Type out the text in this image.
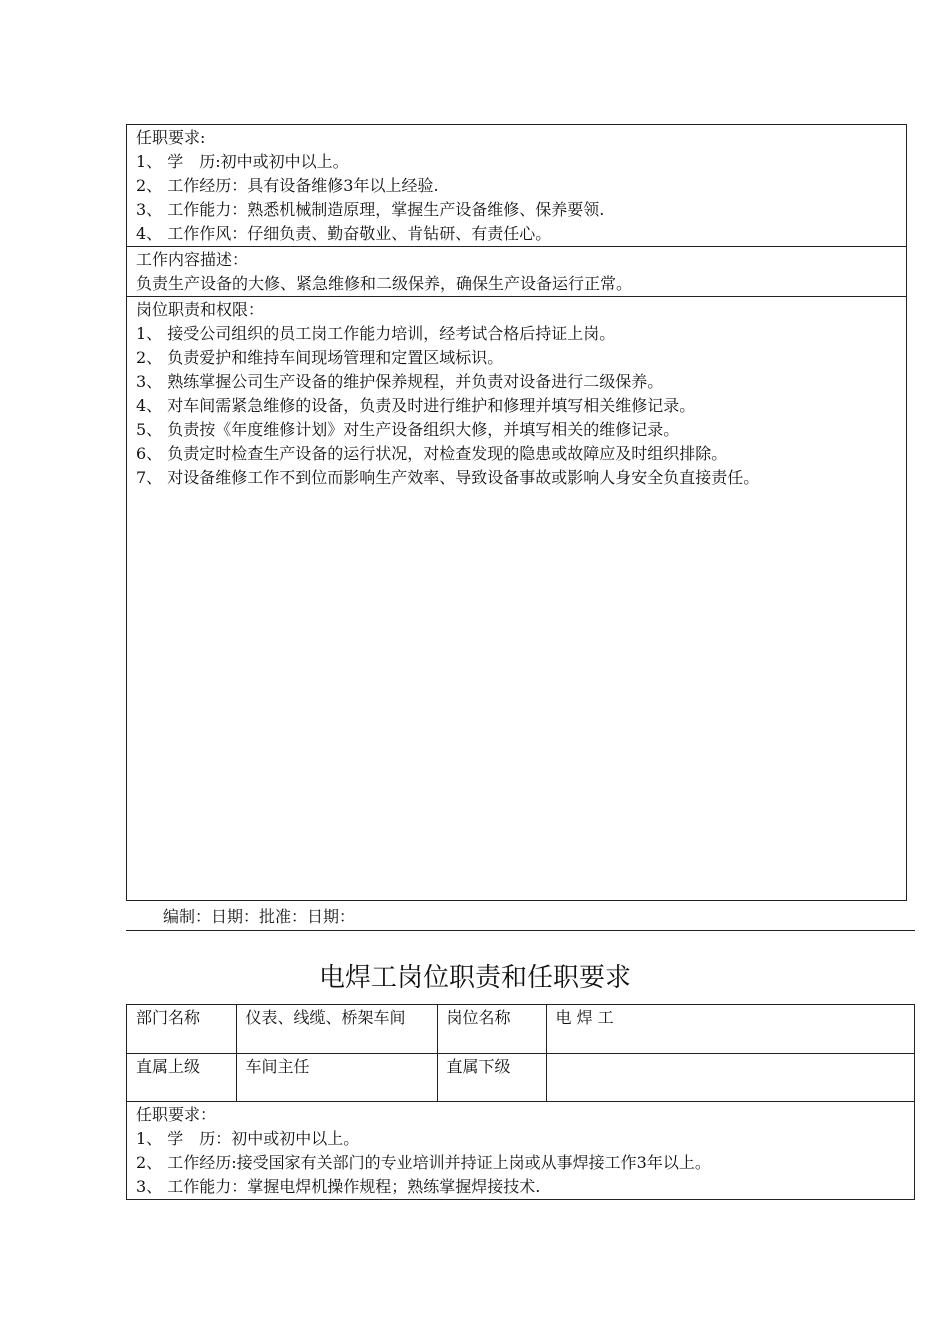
任职要求:
1、 学　历:初中或初中以上。
2、 工作经历：具有设备维修3年以上经验.
3、 工作能力：熟悉机械制造原理，掌握生产设备维修、保养要领.
4、 工作作风：仔细负责、勤奋敬业、肯钻研、有责任心。
工作内容描述：
负责生产设备的大修、紧急维修和二级保养，确保生产设备运行正常。
岗位职责和权限：
1、 接受公司组织的员工岗工作能力培训，经考试合格后持证上岗。
2、 负责爱护和维持车间现场管理和定置区域标识。
3、 熟练掌握公司生产设备的维护保养规程，并负责对设备进行二级保养。
4、 对车间需紧急维修的设备，负责及时进行维护和修理并填写相关维修记录。
5、 负责按《年度维修计划》对生产设备组织大修，并填写相关的维修记录。
6、 负责定时检查生产设备的运行状况，对检查发现的隐患或故障应及时组织排除。
7、 对设备维修工作不到位而影响生产效率、导致设备事故或影响人身安全负直接责任。
编制：日期：批准：日期：
电焊工岗位职责和任职要求
部门名称	仪表、线缆、桥架车间	岗位名称	电 焊 工
直属上级	车间主任	直属下级	
任职要求：
1、 学　历：初中或初中以上。
2、 工作经历:接受国家有关部门的专业培训并持证上岗或从事焊接工作3年以上。
3、 工作能力：掌握电焊机操作规程；熟练掌握焊接技术.
